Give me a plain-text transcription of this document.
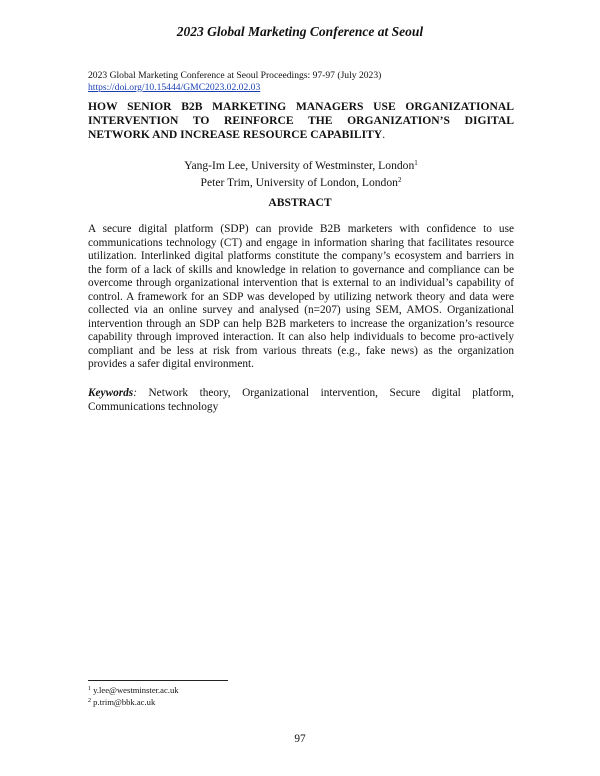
2023 Global Marketing Conference at Seoul
2023 Global Marketing Conference at Seoul Proceedings: 97-97 (July 2023)
https://doi.org/10.15444/GMC2023.02.02.03
HOW SENIOR B2B MARKETING MANAGERS USE ORGANIZATIONAL INTERVENTION TO REINFORCE THE ORGANIZATION’S DIGITAL NETWORK AND INCREASE RESOURCE CAPABILITY.
Yang-Im Lee, University of Westminster, London$^1$
Peter Trim, University of London, London$^2$
ABSTRACT
A secure digital platform (SDP) can provide B2B marketers with confidence to use communications technology (CT) and engage in information sharing that facilitates resource utilization. Interlinked digital platforms constitute the company’s ecosystem and barriers in the form of a lack of skills and knowledge in relation to governance and compliance can be overcome through organizational intervention that is external to an individual’s capability of control. A framework for an SDP was developed by utilizing network theory and data were collected via an online survey and analysed (n=207) using SEM, AMOS. Organizational intervention through an SDP can help B2B marketers to increase the organization’s resource capability through improved interaction. It can also help individuals to become pro-actively compliant and be less at risk from various threats (e.g., fake news) as the organization provides a safer digital environment.
Keywords: Network theory, Organizational intervention, Secure digital platform, Communications technology
$^1$ y.lee@westminster.ac.uk
$^2$ p.trim@bbk.ac.uk
97
